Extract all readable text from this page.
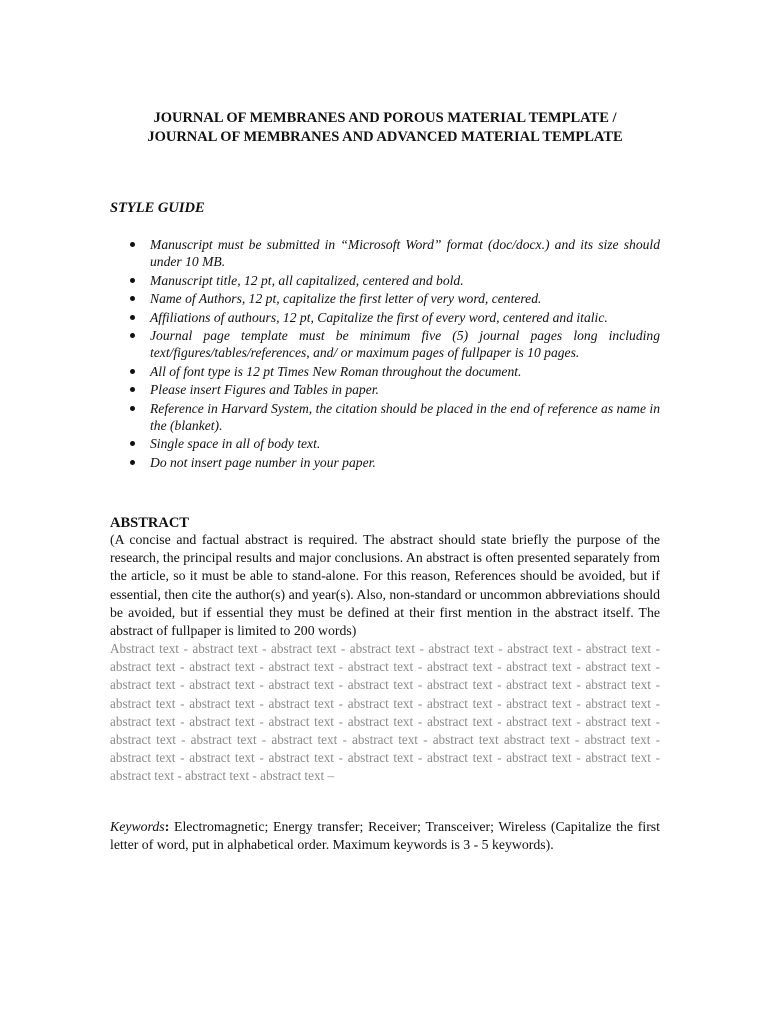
JOURNAL OF MEMBRANES AND POROUS MATERIAL TEMPLATE /
JOURNAL OF MEMBRANES AND ADVANCED MATERIAL TEMPLATE
STYLE GUIDE
Manuscript must be submitted in “Microsoft Word” format (doc/docx.) and its size should under 10 MB.
Manuscript title, 12 pt, all capitalized, centered and bold.
Name of Authors, 12 pt, capitalize the first letter of very word, centered.
Affiliations of authours, 12 pt, Capitalize the first of every word, centered and italic.
Journal page template must be minimum five (5) journal pages long including text/figures/tables/references, and/ or maximum pages of fullpaper is 10 pages.
All of font type is 12 pt Times New Roman throughout the document.
Please insert Figures and Tables in paper.
Reference in Harvard System, the citation should be placed in the end of reference as name in the (blanket).
Single space in all of body text.
Do not insert page number in your paper.
ABSTRACT

(A concise and factual abstract is required. The abstract should state briefly the purpose of the research, the principal results and major conclusions. An abstract is often presented separately from the article, so it must be able to stand-alone. For this reason, References should be avoided, but if essential, then cite the author(s) and year(s). Also, non-standard or uncommon abbreviations should be avoided, but if essential they must be defined at their first mention in the abstract itself. The abstract of fullpaper is limited to 200 words)

Abstract text - abstract text - abstract text - abstract text - abstract text - abstract text - abstract text - abstract text - abstract text - abstract text - abstract text - abstract text - abstract text - abstract text - abstract text - abstract text - abstract text - abstract text - abstract text - abstract text - abstract text - abstract text - abstract text - abstract text - abstract text - abstract text - abstract text - abstract text - abstract text - abstract text - abstract text - abstract text - abstract text - abstract text - abstract text - abstract text - abstract text - abstract text - abstract text - abstract text abstract text - abstract text - abstract text - abstract text - abstract text - abstract text - abstract text - abstract text - abstract text - abstract text - abstract text - abstract text –

Keywords: Electromagnetic; Energy transfer; Receiver; Transceiver; Wireless (Capitalize the first letter of word, put in alphabetical order. Maximum keywords is 3 - 5 keywords).
